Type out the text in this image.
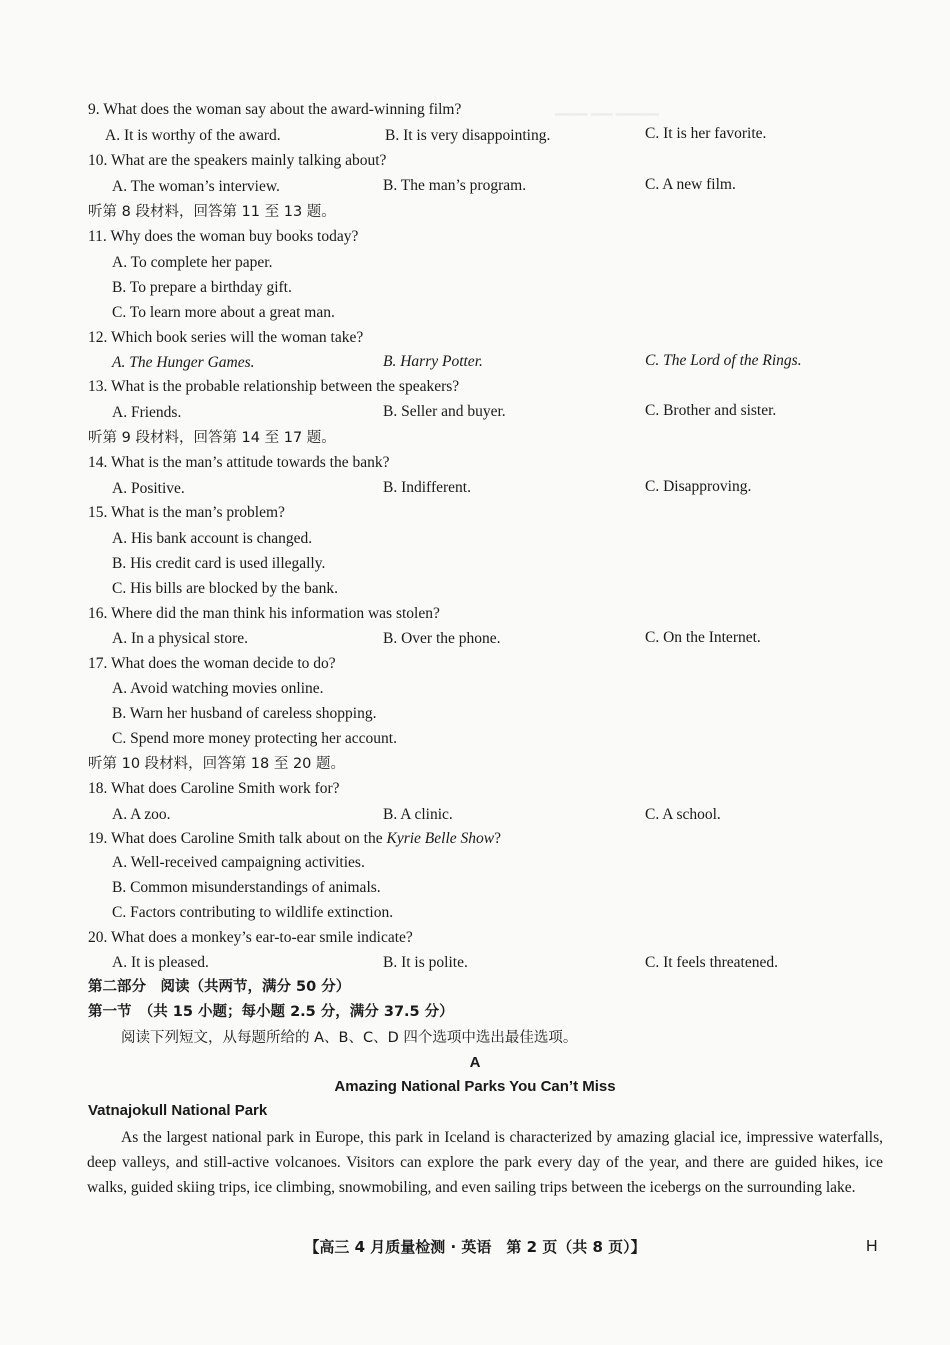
▁▁▁ ▁▁ ▁▁▁▁
9. What does the woman say about the award-winning film?
A. It is worthy of the award.	B. It is very disappointing.	C. It is her favorite.
10. What are the speakers mainly talking about?
A. The woman’s interview.	B. The man’s program.	C. A new film.
听第 8 段材料，回答第 11 至 13 题。
11. Why does the woman buy books today?
A. To complete her paper.
B. To prepare a birthday gift.
C. To learn more about a great man.
12. Which book series will the woman take?
A. The Hunger Games.	B. Harry Potter.	C. The Lord of the Rings.
13. What is the probable relationship between the speakers?
A. Friends.	B. Seller and buyer.	C. Brother and sister.
听第 9 段材料，回答第 14 至 17 题。
14. What is the man’s attitude towards the bank?
A. Positive.	B. Indifferent.	C. Disapproving.
15. What is the man’s problem?
A. His bank account is changed.
B. His credit card is used illegally.
C. His bills are blocked by the bank.
16. Where did the man think his information was stolen?
A. In a physical store.	B. Over the phone.	C. On the Internet.
17. What does the woman decide to do?
A. Avoid watching movies online.
B. Warn her husband of careless shopping.
C. Spend more money protecting her account.
听第 10 段材料，回答第 18 至 20 题。
18. What does Caroline Smith work for?
A. A zoo.	B. A clinic.	C. A school.
19. What does Caroline Smith talk about on the Kyrie Belle Show?
A. Well-received campaigning activities.
B. Common misunderstandings of animals.
C. Factors contributing to wildlife extinction.
20. What does a monkey’s ear-to-ear smile indicate?
A. It is pleased.	B. It is polite.	C. It feels threatened.
第二部分　阅读（共两节，满分 50 分）
第一节　（共 15 小题；每小题 2.5 分，满分 37.5 分）
阅读下列短文，从每题所给的 A、B、C、D 四个选项中选出最佳选项。
A
Amazing National Parks You Can’t Miss
Vatnajokull National Park
As the largest national park in Europe, this park in Iceland is characterized by amazing glacial ice, impressive waterfalls, deep valleys, and still-active volcanoes. Visitors can explore the park every day of the year, and there are guided hikes, ice walks, guided skiing trips, ice climbing, snowmobiling, and even sailing trips between the icebergs on the surrounding lake.
【高三 4 月质量检测 · 英语　第 2 页（共 8 页）】	H
